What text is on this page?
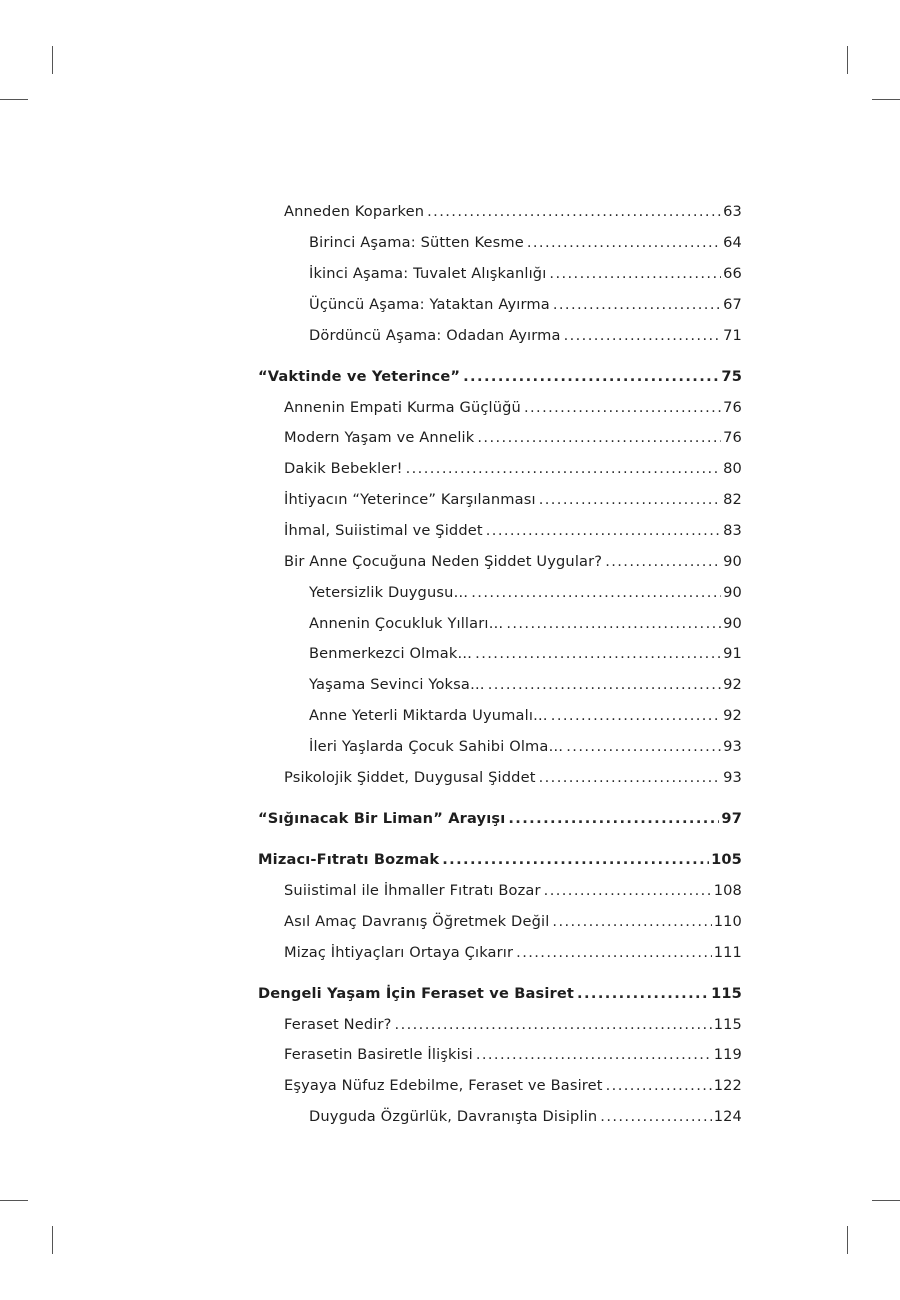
Anneden Koparken .....	63
Birinci Aşama: Sütten Kesme .....	64
İkinci Aşama: Tuvalet Alışkanlığı .....	66
Üçüncü Aşama: Yataktan Ayırma .....	67
Dördüncü Aşama: Odadan Ayırma .....	71
“Vaktinde ve Yeterince” .....	75
Annenin Empati Kurma Güçlüğü .....	76
Modern Yaşam ve Annelik .....	76
Dakik Bebekler! .....	80
İhtiyacın “Yeterince” Karşılanması .....	82
İhmal, Suiistimal ve Şiddet .....	83
Bir Anne Çocuğuna Neden Şiddet Uygular? .....	90
Yetersizlik Duygusu… .....	90
Annenin Çocukluk Yılları… .....	90
Benmerkezci Olmak… .....	91
Yaşama Sevinci Yoksa… .....	92
Anne Yeterli Miktarda Uyumalı… .....	92
İleri Yaşlarda Çocuk Sahibi Olma… .....	93
Psikolojik Şiddet, Duygusal Şiddet .....	93
“Sığınacak Bir Liman” Arayışı .....	97
Mizacı-Fıtratı Bozmak .....	105
Suiistimal ile İhmaller Fıtratı Bozar .....	108
Asıl Amaç Davranış Öğretmek Değil .....	110
Mizaç İhtiyaçları Ortaya Çıkarır .....	111
Dengeli Yaşam İçin Feraset ve Basiret .....	115
Feraset Nedir? .....	115
Ferasetin Basiretle İlişkisi .....	119
Eşyaya Nüfuz Edebilme, Feraset ve Basiret .....	122
Duyguda Özgürlük, Davranışta Disiplin .....	124
